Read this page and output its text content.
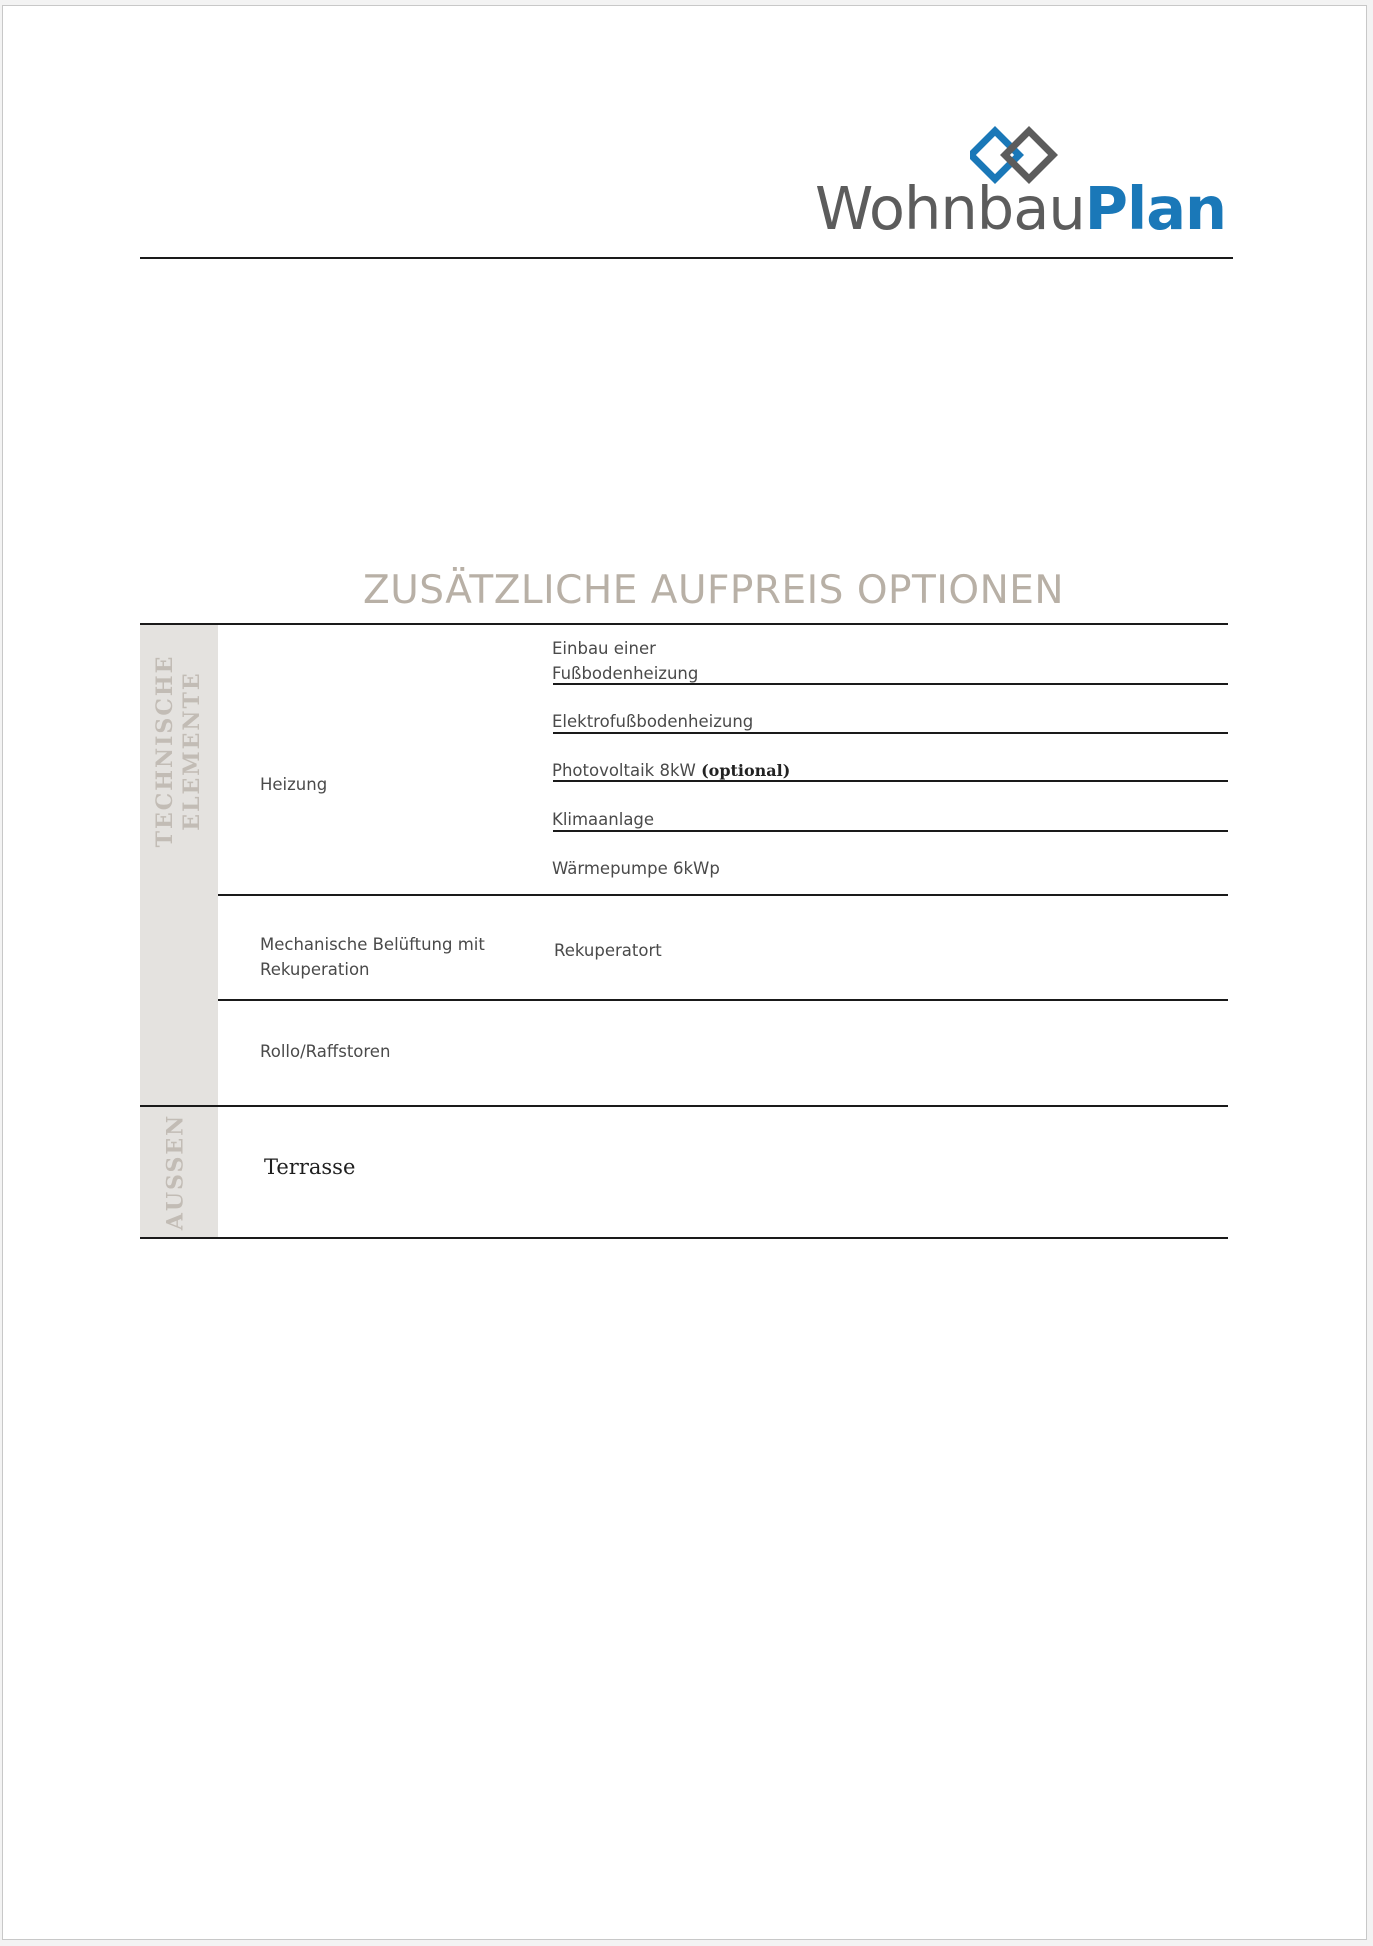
WohnbauPlan
ZUSÄTZLICHE AUFPREIS OPTIONEN
TECHNISCHE ELEMENTE
AUSSEN
Heizung
Einbau einer
Fußbodenheizung
Elektrofußbodenheizung
Photovoltaik 8kW (optional)
Klimaanlage
Wärmepumpe 6kWp
Mechanische Belüftung mit
Rekuperation
Rekuperatort
Rollo/Raffstoren
Terrasse
